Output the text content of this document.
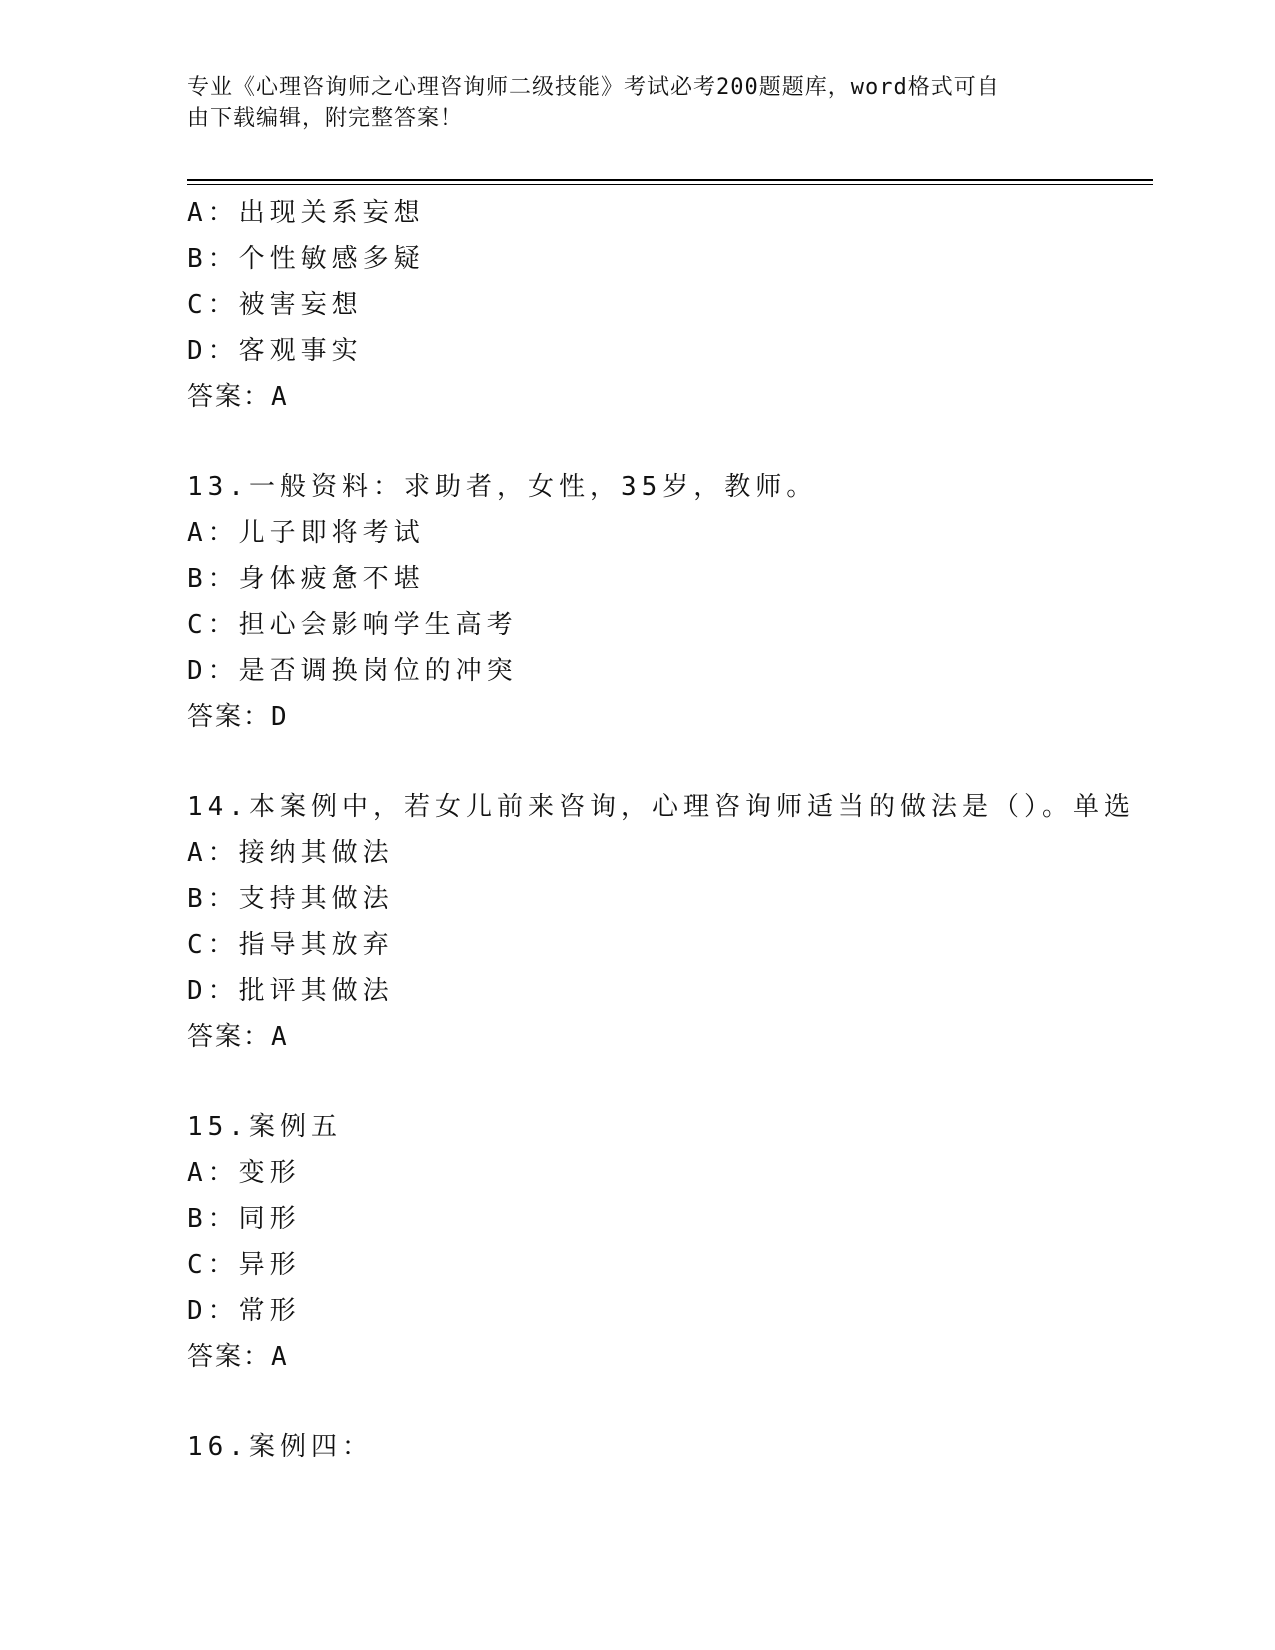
专业《心理咨询师之心理咨询师二级技能》考试必考200题题库，word格式可自
由下载编辑，附完整答案！
A：出现关系妄想
B：个性敏感多疑
C：被害妄想
D：客观事实
答案：A
13.一般资料：求助者，女性，35岁，教师。
A：儿子即将考试
B：身体疲惫不堪
C：担心会影响学生高考
D：是否调换岗位的冲突
答案：D
14.本案例中，若女儿前来咨询，心理咨询师适当的做法是（）。单选
A：接纳其做法
B：支持其做法
C：指导其放弃
D：批评其做法
答案：A
15.案例五
A：变形
B：同形
C：异形
D：常形
答案：A
16.案例四：
